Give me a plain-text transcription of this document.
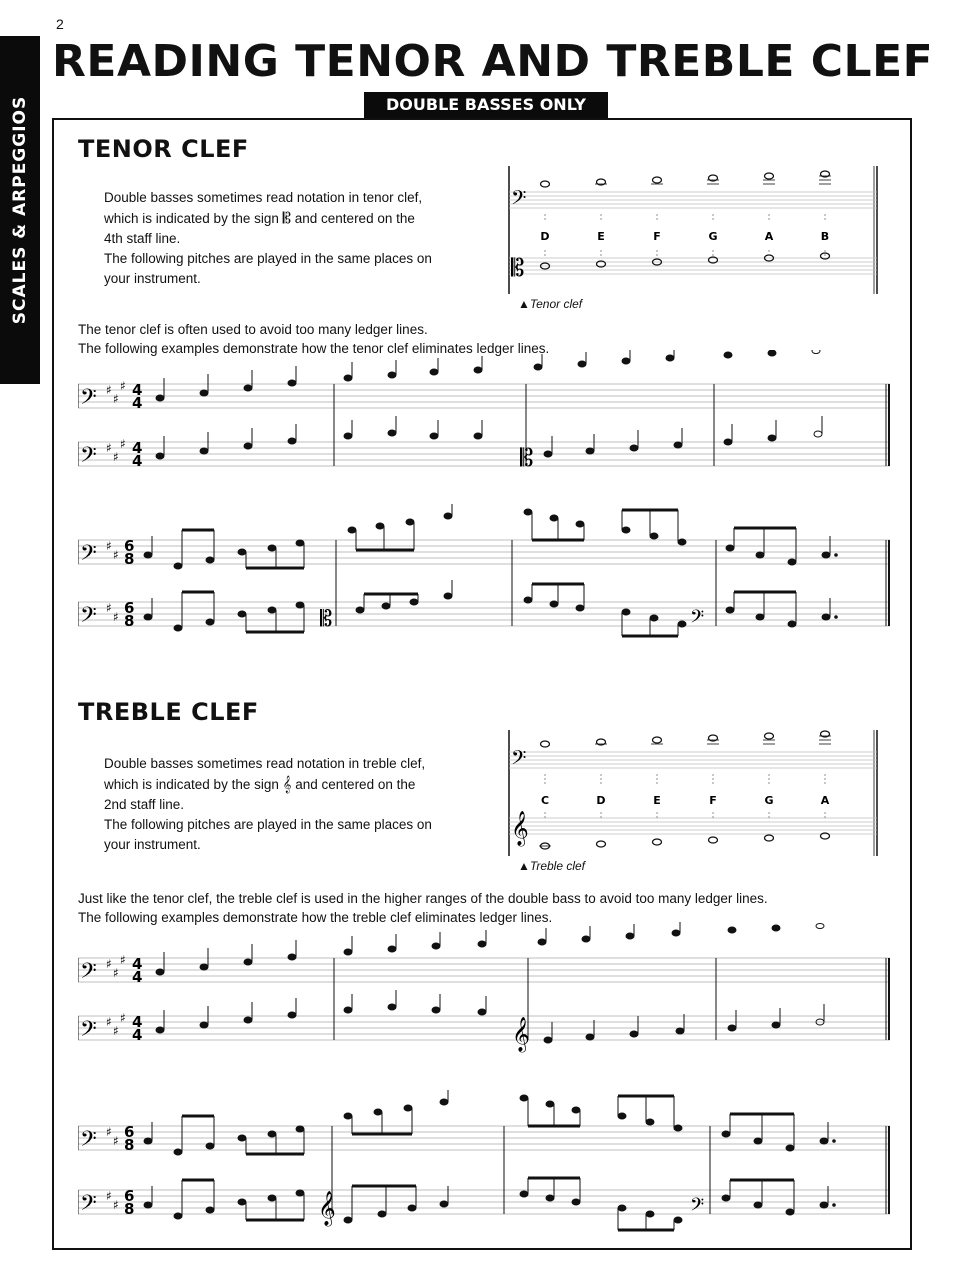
2
SCALES & ARPEGGIOS
READING TENOR AND TREBLE CLEF
DOUBLE BASSES ONLY
TENOR CLEF

Double basses sometimes read notation in tenor clef,

which is indicated by the sign 𝄡 and centered on the

4th staff line.

The following pitches are played in the same places on

your instrument.

𝄢
𝄡
D	E	F	G	A	B
▲Tenor clef

The tenor clef is often used to avoid too many ledger lines.

The following examples demonstrate how the tenor clef eliminates ledger lines.

𝄢
𝄢	𝄡
♯
♯
♯
♯
♯
♯
4
4
4
4
𝄢
𝄢	𝄡	𝄢
♯
♯
♯
♯
6
8
6
8
TREBLE CLEF

Double basses sometimes read notation in treble clef,

which is indicated by the sign 𝄞 and centered on the

2nd staff line.

The following pitches are played in the same places on

your instrument.

𝄢
𝄞
C	D	E	F	G	A
▲Treble clef

Just like the tenor clef, the treble clef is used in the higher ranges of the double bass to avoid too many ledger lines.

The following examples demonstrate how the treble clef eliminates ledger lines.

𝄢
𝄢	𝄞
♯
♯
♯
♯
♯
♯
4
4
4
4
𝄢
𝄢	𝄞	𝄢
♯
♯
♯
♯
6
8
6
8
